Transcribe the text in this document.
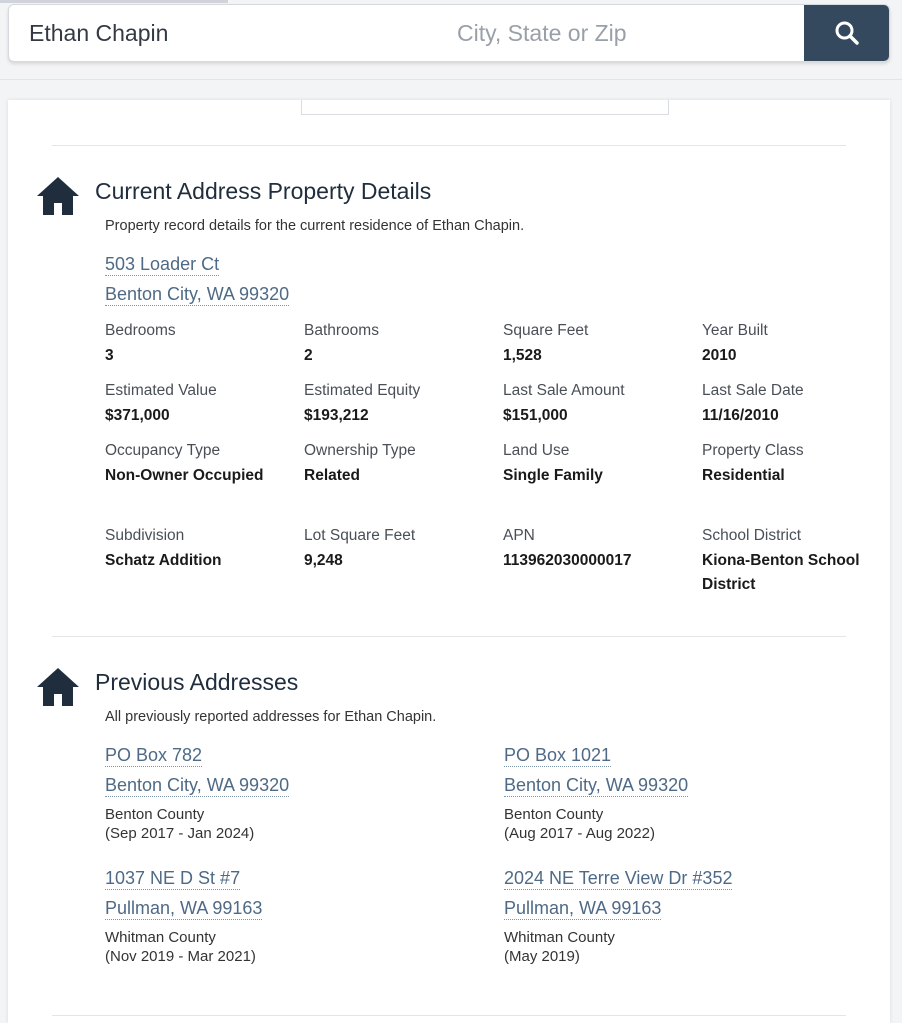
Ethan Chapin
City, State or Zip
Current Address Property Details
Property record details for the current residence of Ethan Chapin.
503 Loader Ct
Benton City, WA 99320
Bedrooms
3
Bathrooms
2
Square Feet
1,528
Year Built
2010
Estimated Value
$371,000
Estimated Equity
$193,212
Last Sale Amount
$151,000
Last Sale Date
11/16/2010
Occupancy Type
Non-Owner Occupied
Ownership Type
Related
Land Use
Single Family
Property Class
Residential
Subdivision
Schatz Addition
Lot Square Feet
9,248
APN
113962030000017
School District
Kiona-Benton School District
Previous Addresses
All previously reported addresses for Ethan Chapin.
PO Box 782
Benton City, WA 99320
Benton County
(Sep 2017 - Jan 2024)
PO Box 1021
Benton City, WA 99320
Benton County
(Aug 2017 - Aug 2022)
1037 NE D St #7
Pullman, WA 99163
Whitman County
(Nov 2019 - Mar 2021)
2024 NE Terre View Dr #352
Pullman, WA 99163
Whitman County
(May 2019)
